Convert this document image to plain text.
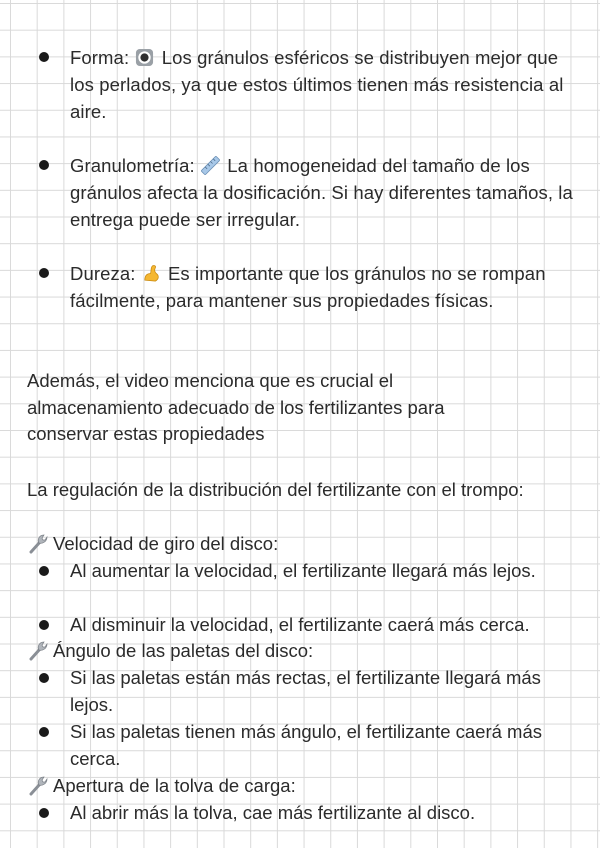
Forma: Los gránulos esféricos se distribuyen mejor que los perlados, ya que estos últimos tienen más resistencia al aire.
Granulometría: La homogeneidad del tamaño de los gránulos afecta la dosificación. Si hay diferentes tamaños, la entrega puede ser irregular.
Dureza: Es importante que los gránulos no se rompan fácilmente, para mantener sus propiedades físicas.
Además, el video menciona que es crucial el almacenamiento adecuado de los fertilizantes para conservar estas propiedades
La regulación de la distribución del fertilizante con el trompo:
Velocidad de giro del disco:
Al aumentar la velocidad, el fertilizante llegará más lejos.
Al disminuir la velocidad, el fertilizante caerá más cerca.
Ángulo de las paletas del disco:
Si las paletas están más rectas, el fertilizante llegará más lejos.
Si las paletas tienen más ángulo, el fertilizante caerá más cerca.
Apertura de la tolva de carga:
Al abrir más la tolva, cae más fertilizante al disco.
